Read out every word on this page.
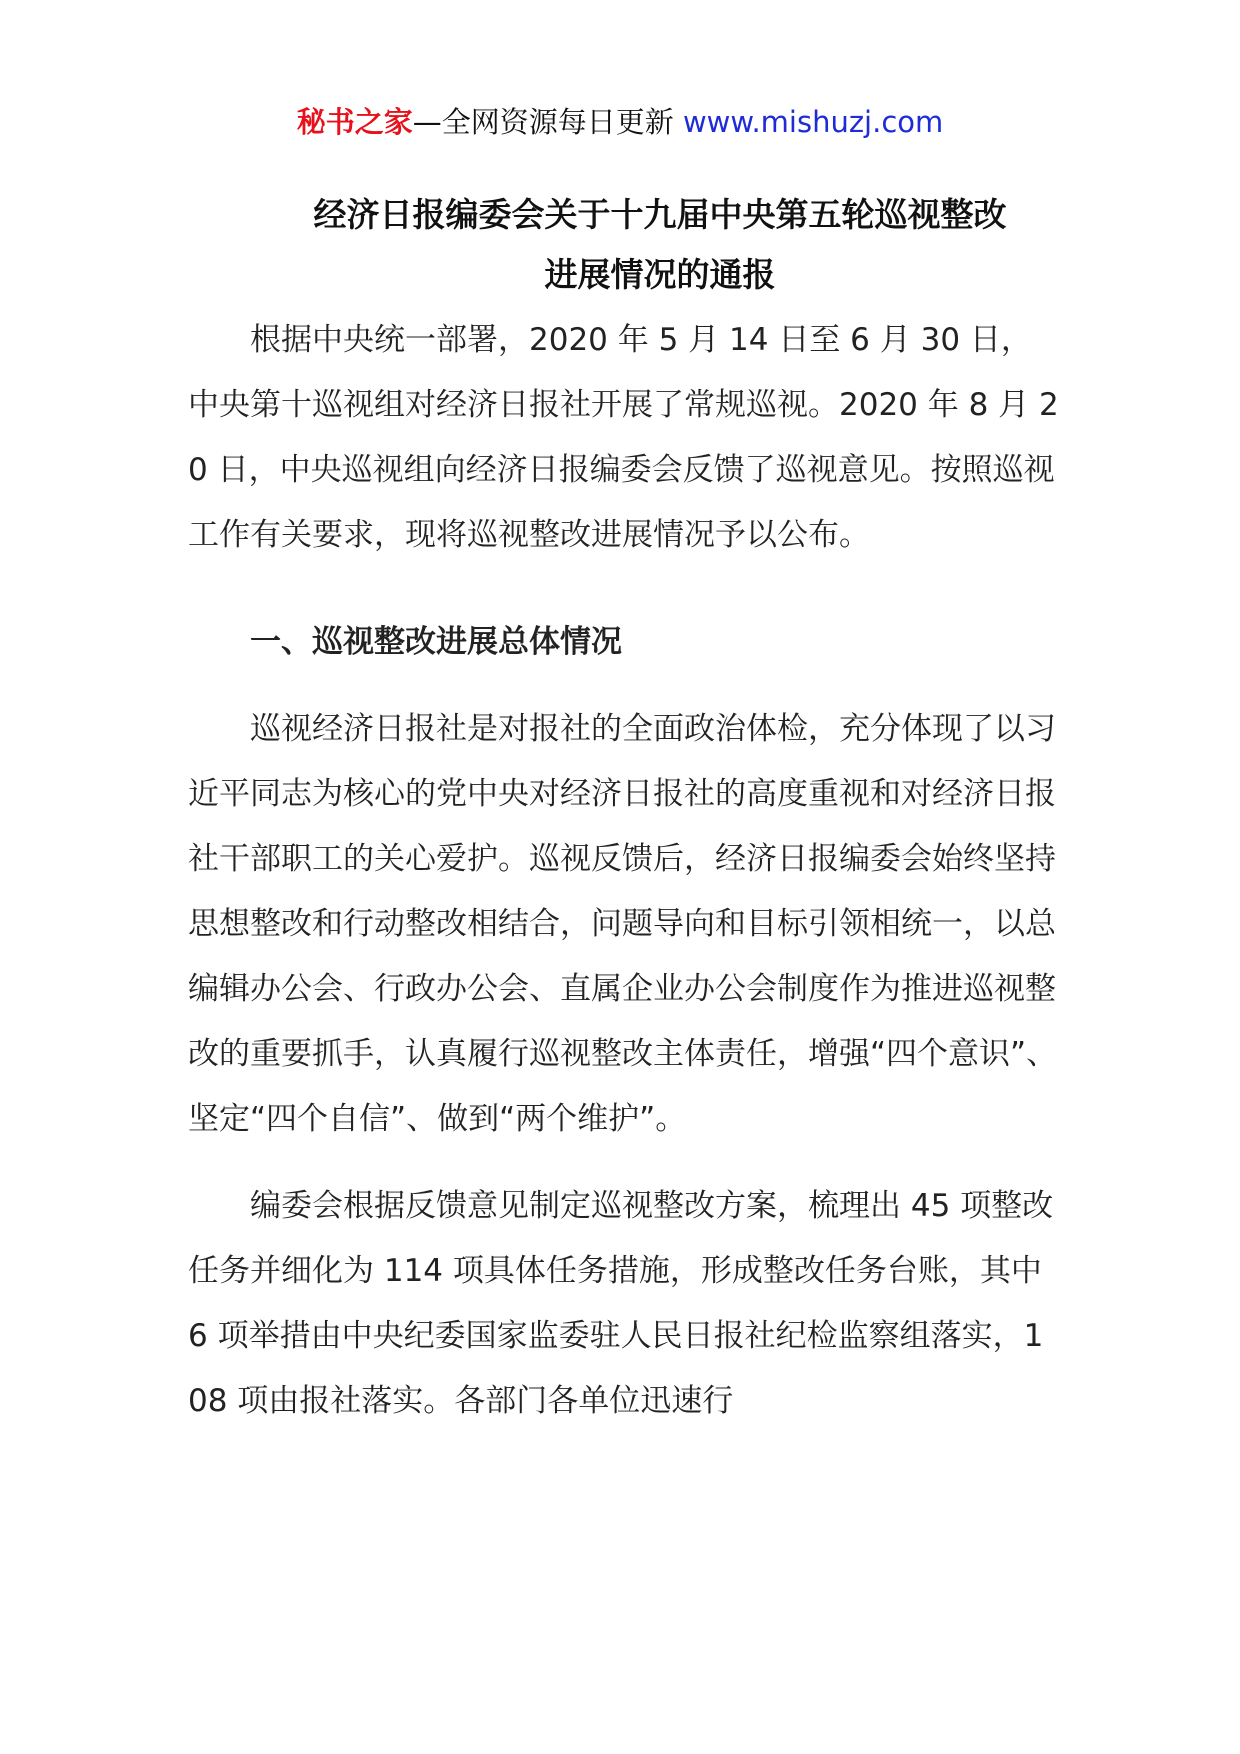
秘书之家—全网资源每日更新 www.mishuzj.com
经济日报编委会关于十九届中央第五轮巡视整改
进展情况的通报

根据中央统一部署，2020 年 5 月 14 日至 6 月 30 日，中央第十巡视组对经济日报社开展了常规巡视。2020 年 8 月 20 日，中央巡视组向经济日报编委会反馈了巡视意见。按照巡视工作有关要求，现将巡视整改进展情况予以公布。

一、巡视整改进展总体情况

巡视经济日报社是对报社的全面政治体检，充分体现了以习近平同志为核心的党中央对经济日报社的高度重视和对经济日报社干部职工的关心爱护。巡视反馈后，经济日报编委会始终坚持思想整改和行动整改相结合，问题导向和目标引领相统一，以总编辑办公会、行政办公会、直属企业办公会制度作为推进巡视整改的重要抓手，认真履行巡视整改主体责任，增强“四个意识”、坚定“四个自信”、做到“两个维护”。

编委会根据反馈意见制定巡视整改方案，梳理出 45 项整改任务并细化为 114 项具体任务措施，形成整改任务台账，其中 6 项举措由中央纪委国家监委驻人民日报社纪检监察组落实，108 项由报社落实。各部门各单位迅速行
